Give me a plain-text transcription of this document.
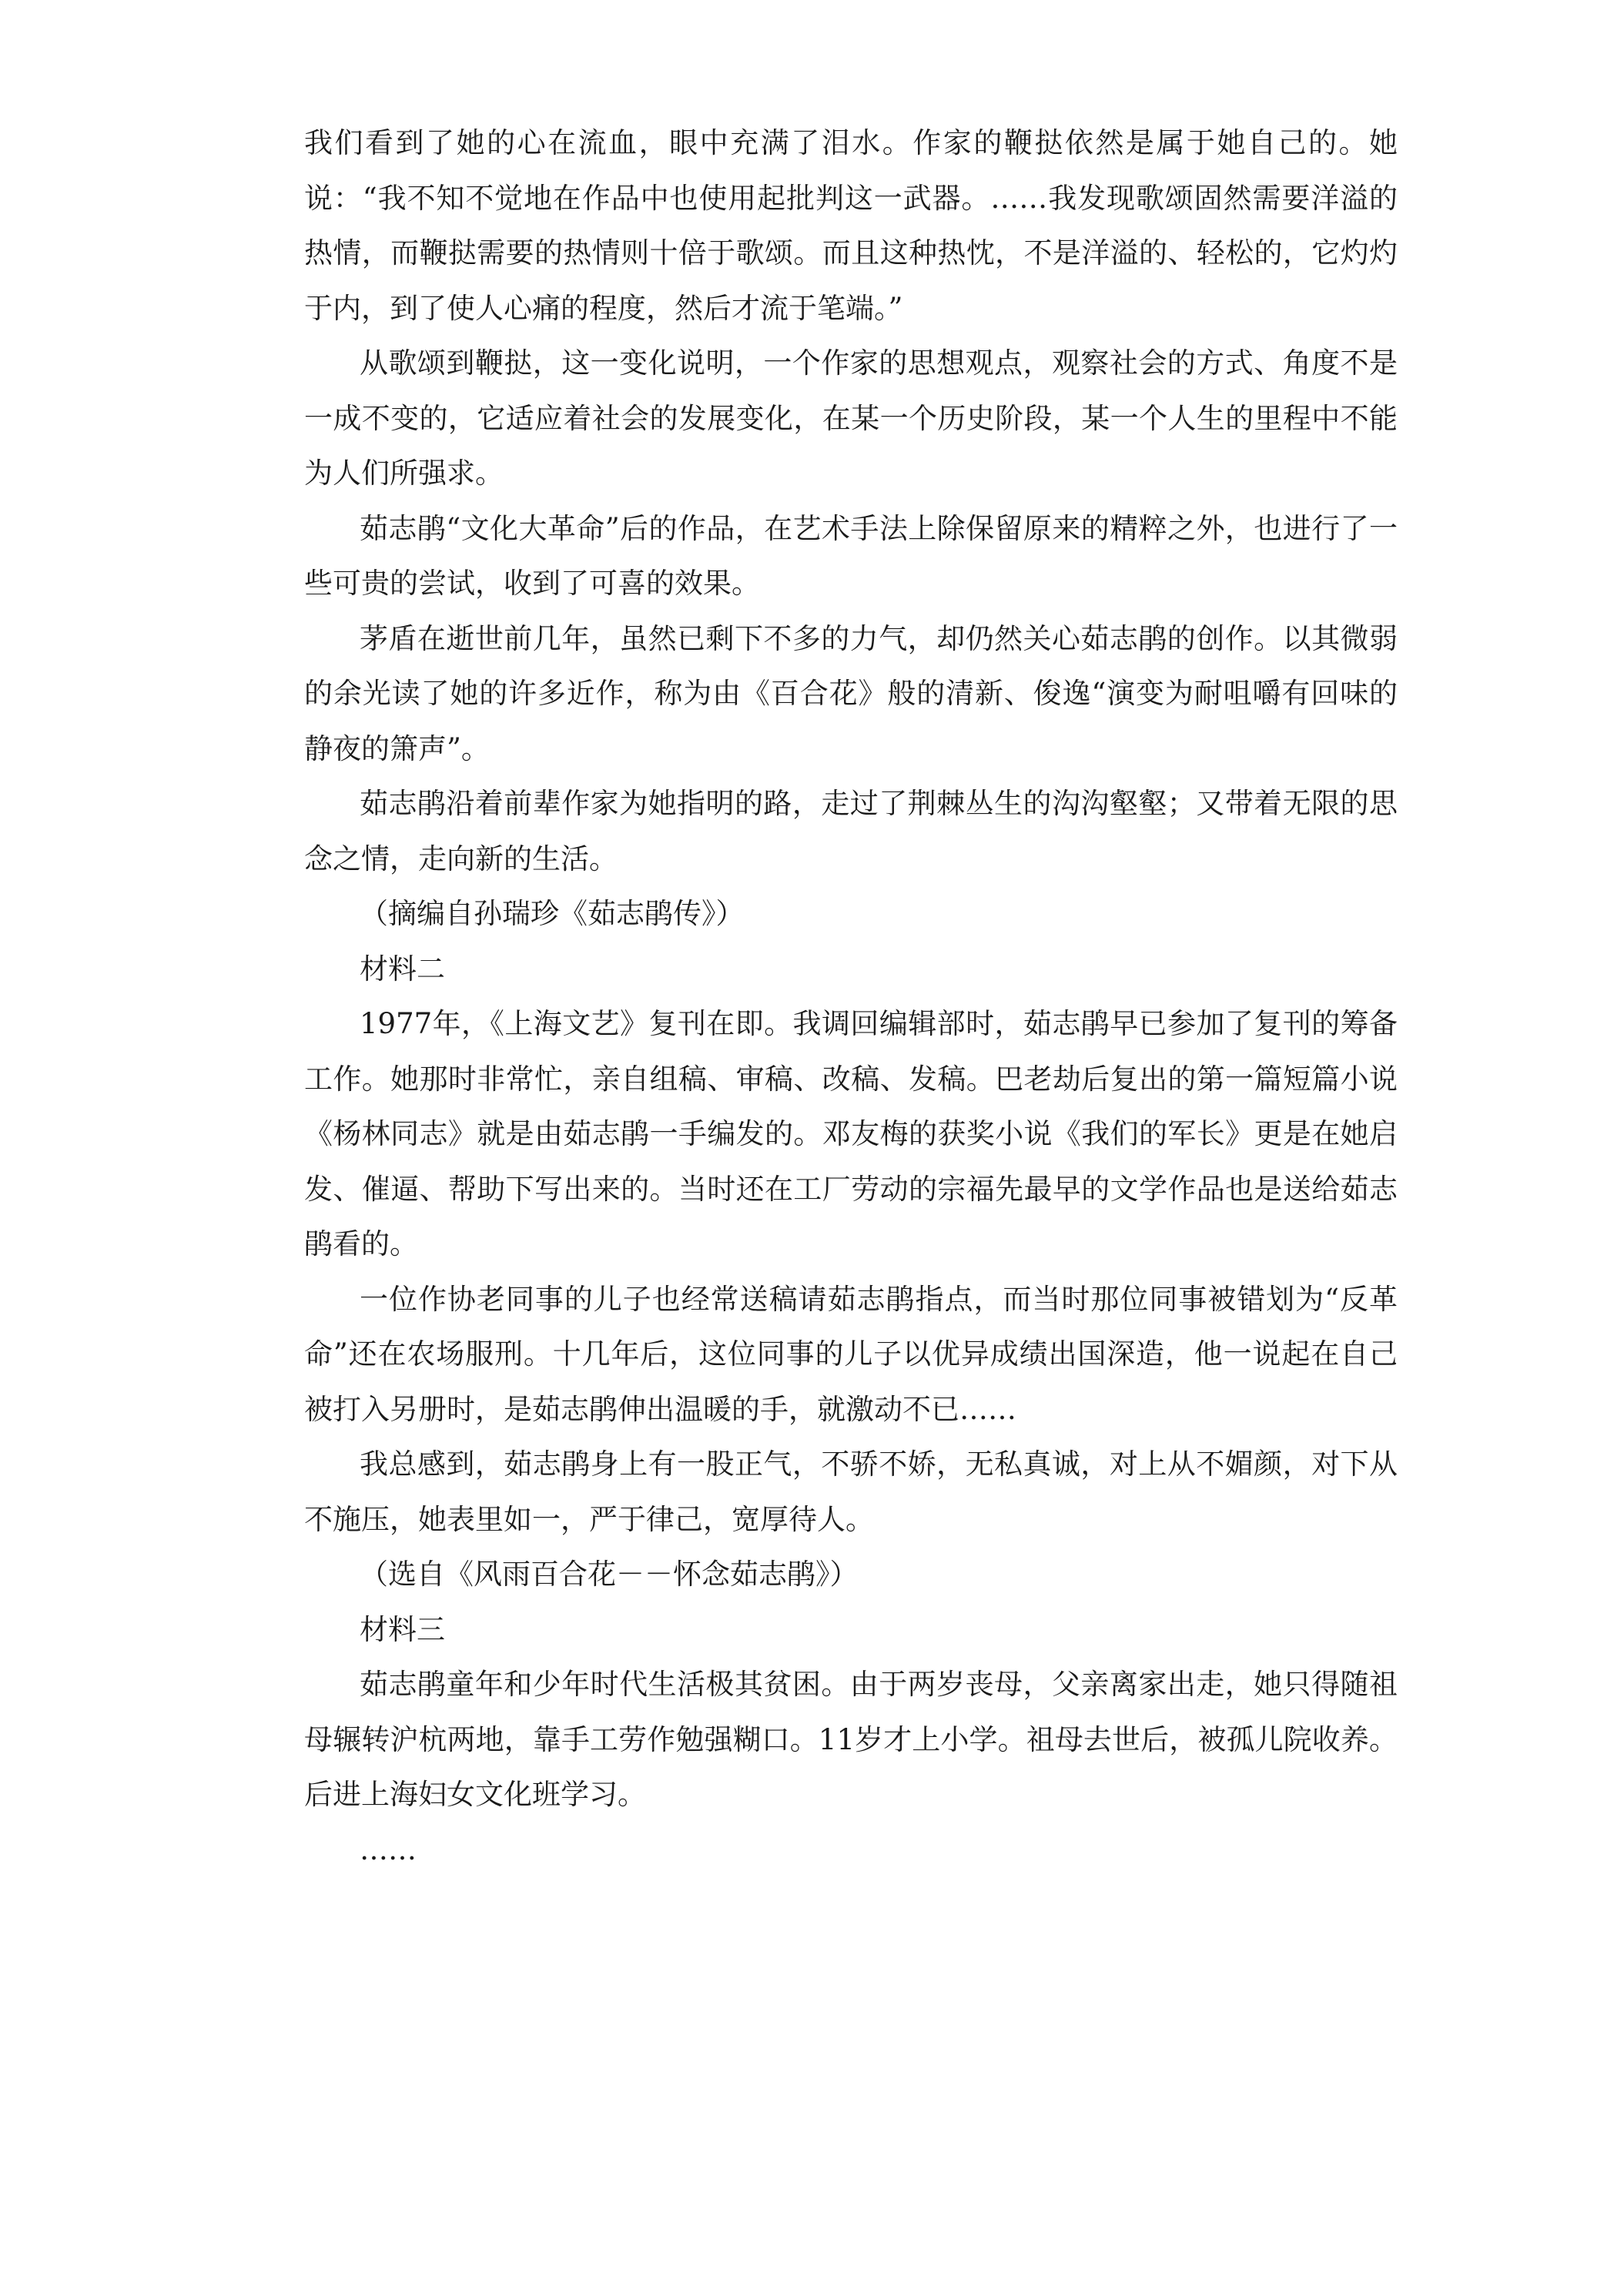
我们看到了她的心在流血，眼中充满了泪水。作家的鞭挞依然是属于她自己的。她说：“我不知不觉地在作品中也使用起批判这一武器。……我发现歌颂固然需要洋溢的热情，而鞭挞需要的热情则十倍于歌颂。而且这种热忱，不是洋溢的、轻松的，它灼灼于内，到了使人心痛的程度，然后才流于笔端。”

从歌颂到鞭挞，这一变化说明，一个作家的思想观点，观察社会的方式、角度不是一成不变的，它适应着社会的发展变化，在某一个历史阶段，某一个人生的里程中不能为人们所强求。

茹志鹃“文化大革命”后的作品，在艺术手法上除保留原来的精粹之外，也进行了一些可贵的尝试，收到了可喜的效果。

茅盾在逝世前几年，虽然已剩下不多的力气，却仍然关心茹志鹃的创作。以其微弱的余光读了她的许多近作，称为由《百合花》般的清新、俊逸“演变为耐咀嚼有回味的静夜的箫声”。

茹志鹃沿着前辈作家为她指明的路，走过了荆棘丛生的沟沟壑壑；又带着无限的思念之情，走向新的生活。

（摘编自孙瑞珍《茹志鹃传》）

材料二

1977年，《上海文艺》复刊在即。我调回编辑部时，茹志鹃早已参加了复刊的筹备工作。她那时非常忙，亲自组稿、审稿、改稿、发稿。巴老劫后复出的第一篇短篇小说《杨林同志》就是由茹志鹃一手编发的。邓友梅的获奖小说《我们的军长》更是在她启发、催逼、帮助下写出来的。当时还在工厂劳动的宗福先最早的文学作品也是送给茹志鹃看的。

一位作协老同事的儿子也经常送稿请茹志鹃指点，而当时那位同事被错划为“反革命”还在农场服刑。十几年后，这位同事的儿子以优异成绩出国深造，他一说起在自己被打入另册时，是茹志鹃伸出温暖的手，就激动不已……

我总感到，茹志鹃身上有一股正气，不骄不娇，无私真诚，对上从不媚颜，对下从不施压，她表里如一，严于律己，宽厚待人。

（选自《风雨百合花－－怀念茹志鹃》）

材料三

茹志鹃童年和少年时代生活极其贫困。由于两岁丧母，父亲离家出走，她只得随祖母辗转沪杭两地，靠手工劳作勉强糊口。11岁才上小学。祖母去世后，被孤儿院收养。后进上海妇女文化班学习。

……
